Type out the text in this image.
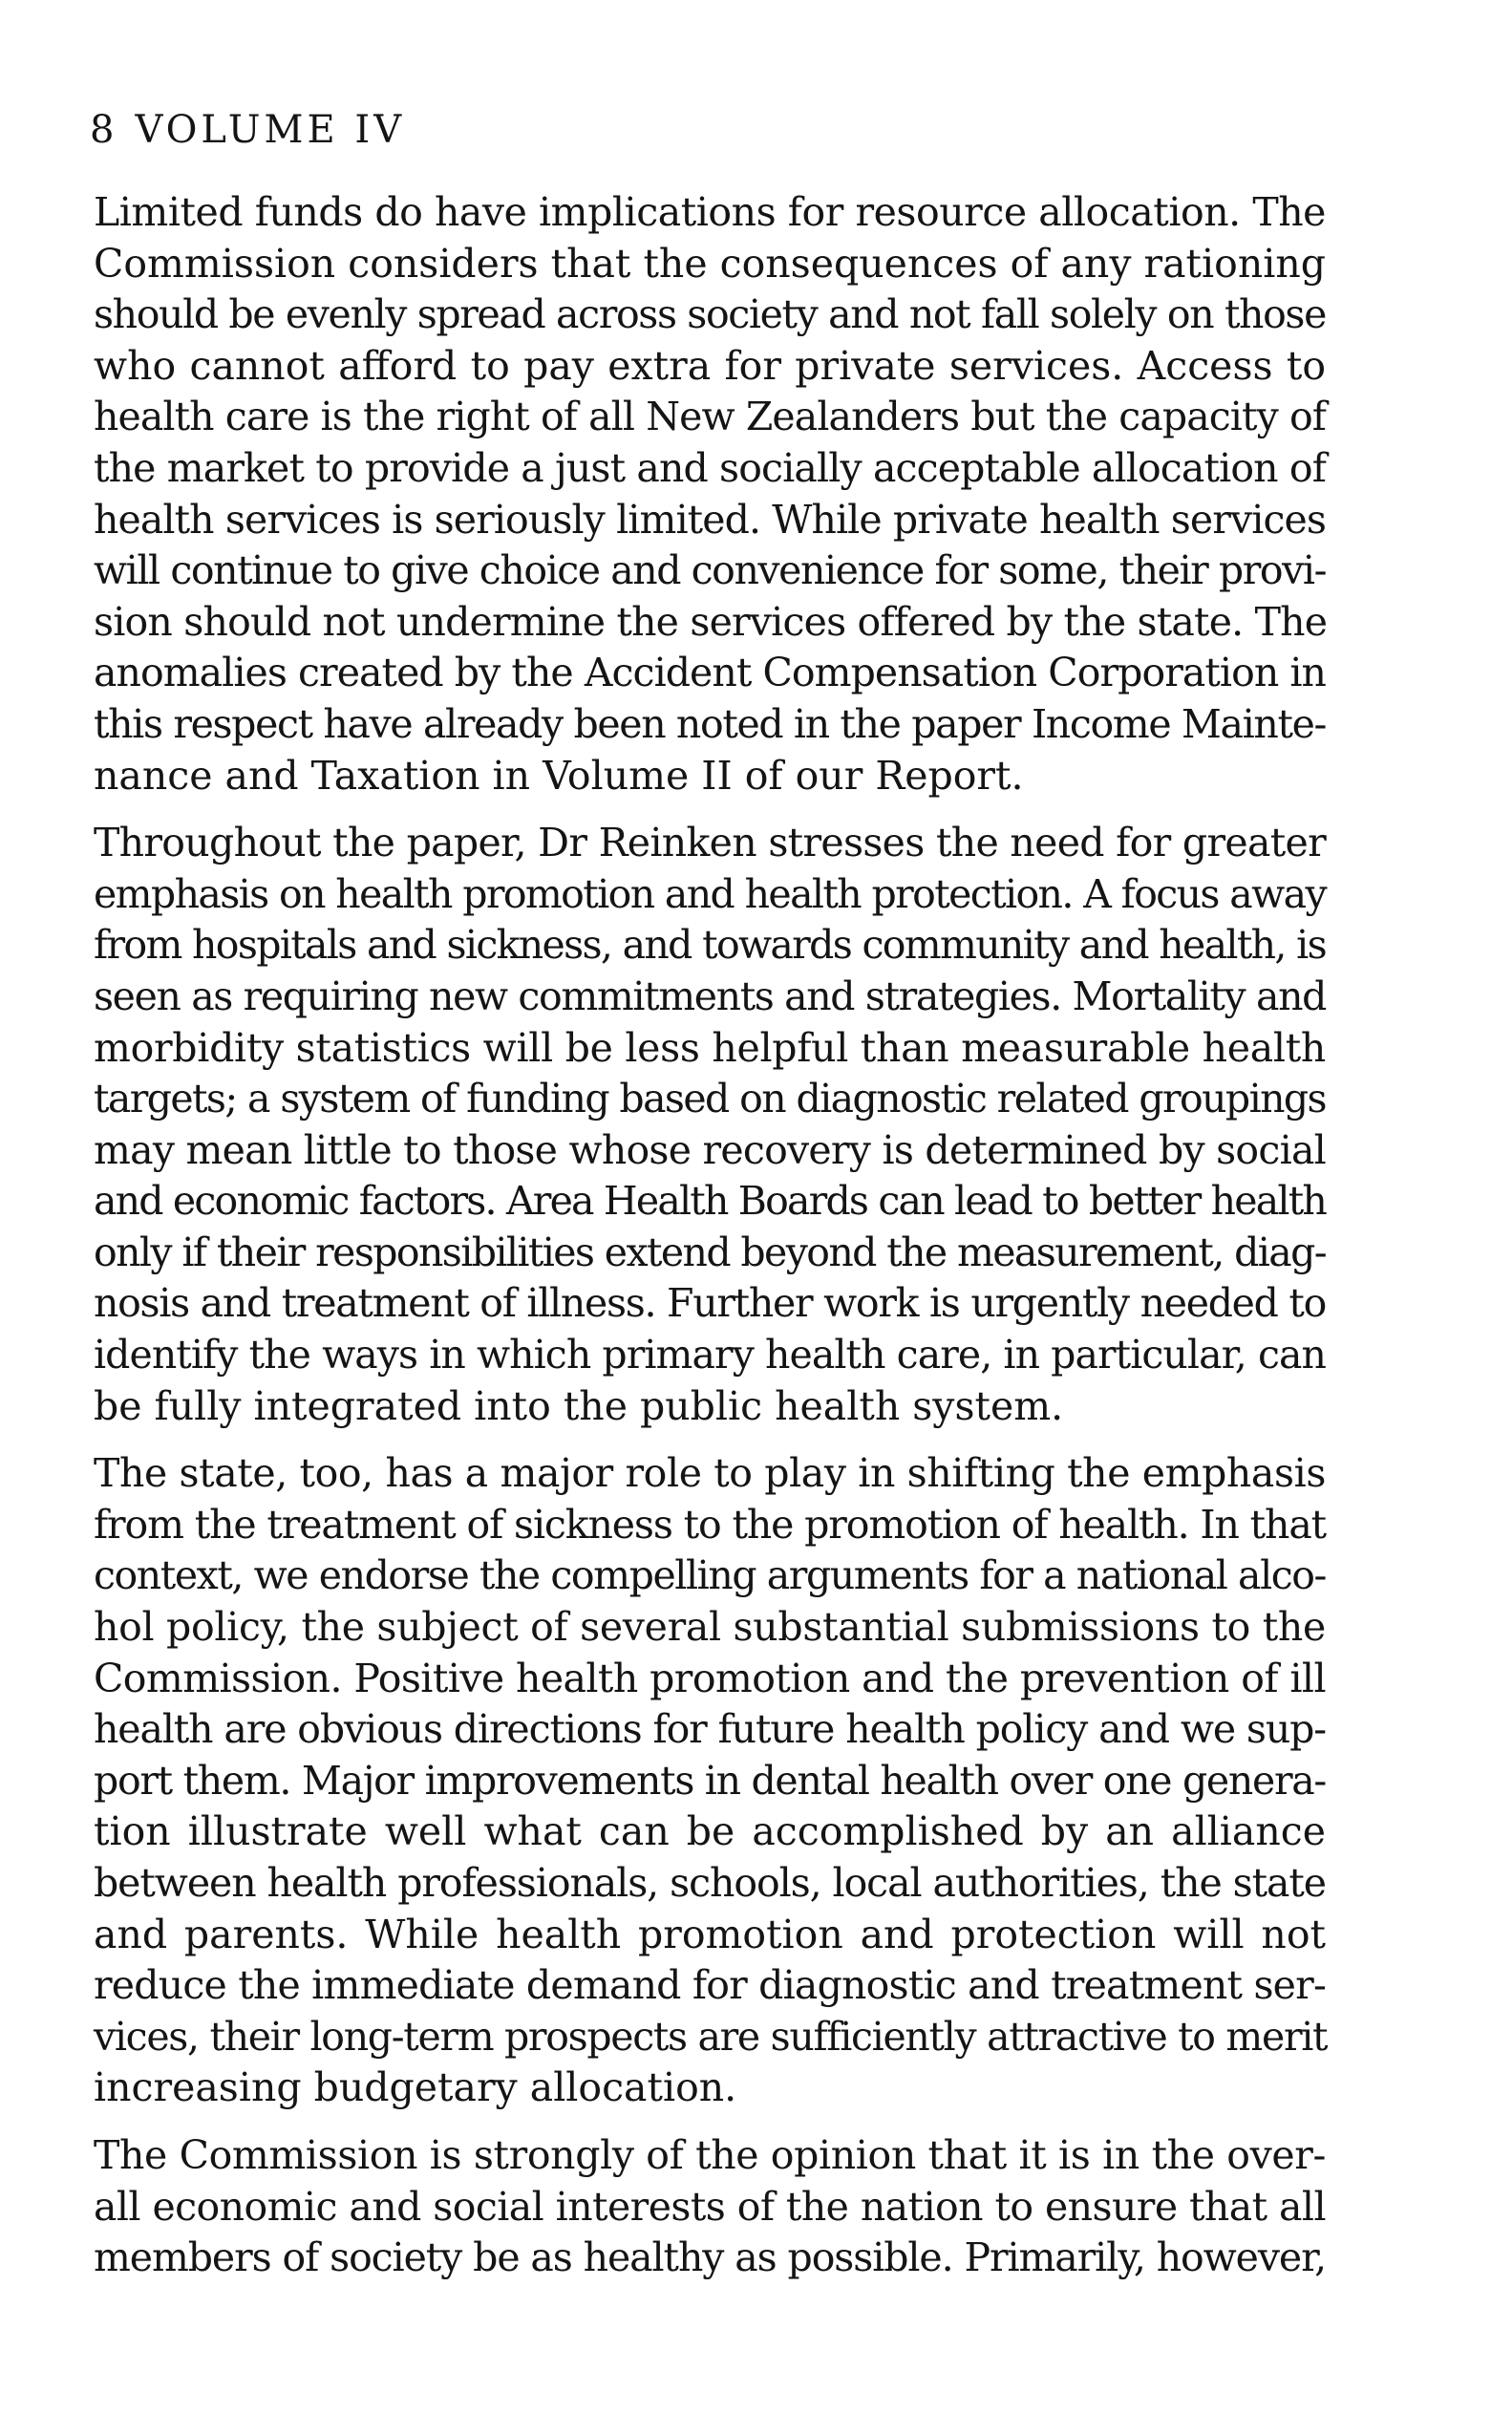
8 VOLUME IV
Limited funds do have implications for resource allocation. The
Commission considers that the consequences of any rationing
should be evenly spread across society and not fall solely on those
who cannot afford to pay extra for private services. Access to
health care is the right of all New Zealanders but the capacity of
the market to provide a just and socially acceptable allocation of
health services is seriously limited. While private health services
will continue to give choice and convenience for some, their provi-
sion should not undermine the services offered by the state. The
anomalies created by the Accident Compensation Corporation in
this respect have already been noted in the paper Income Mainte-
nance and Taxation in Volume II of our Report.
Throughout the paper, Dr Reinken stresses the need for greater
emphasis on health promotion and health protection. A focus away
from hospitals and sickness, and towards community and health, is
seen as requiring new commitments and strategies. Mortality and
morbidity statistics will be less helpful than measurable health
targets; a system of funding based on diagnostic related groupings
may mean little to those whose recovery is determined by social
and economic factors. Area Health Boards can lead to better health
only if their responsibilities extend beyond the measurement, diag-
nosis and treatment of illness. Further work is urgently needed to
identify the ways in which primary health care, in particular, can
be fully integrated into the public health system.
The state, too, has a major role to play in shifting the emphasis
from the treatment of sickness to the promotion of health. In that
context, we endorse the compelling arguments for a national alco-
hol policy, the subject of several substantial submissions to the
Commission. Positive health promotion and the prevention of ill
health are obvious directions for future health policy and we sup-
port them. Major improvements in dental health over one genera-
tion illustrate well what can be accomplished by an alliance
between health professionals, schools, local authorities, the state
and parents. While health promotion and protection will not
reduce the immediate demand for diagnostic and treatment ser-
vices, their long-term prospects are sufficiently attractive to merit
increasing budgetary allocation.
The Commission is strongly of the opinion that it is in the over-
all economic and social interests of the nation to ensure that all
members of society be as healthy as possible. Primarily, however,
